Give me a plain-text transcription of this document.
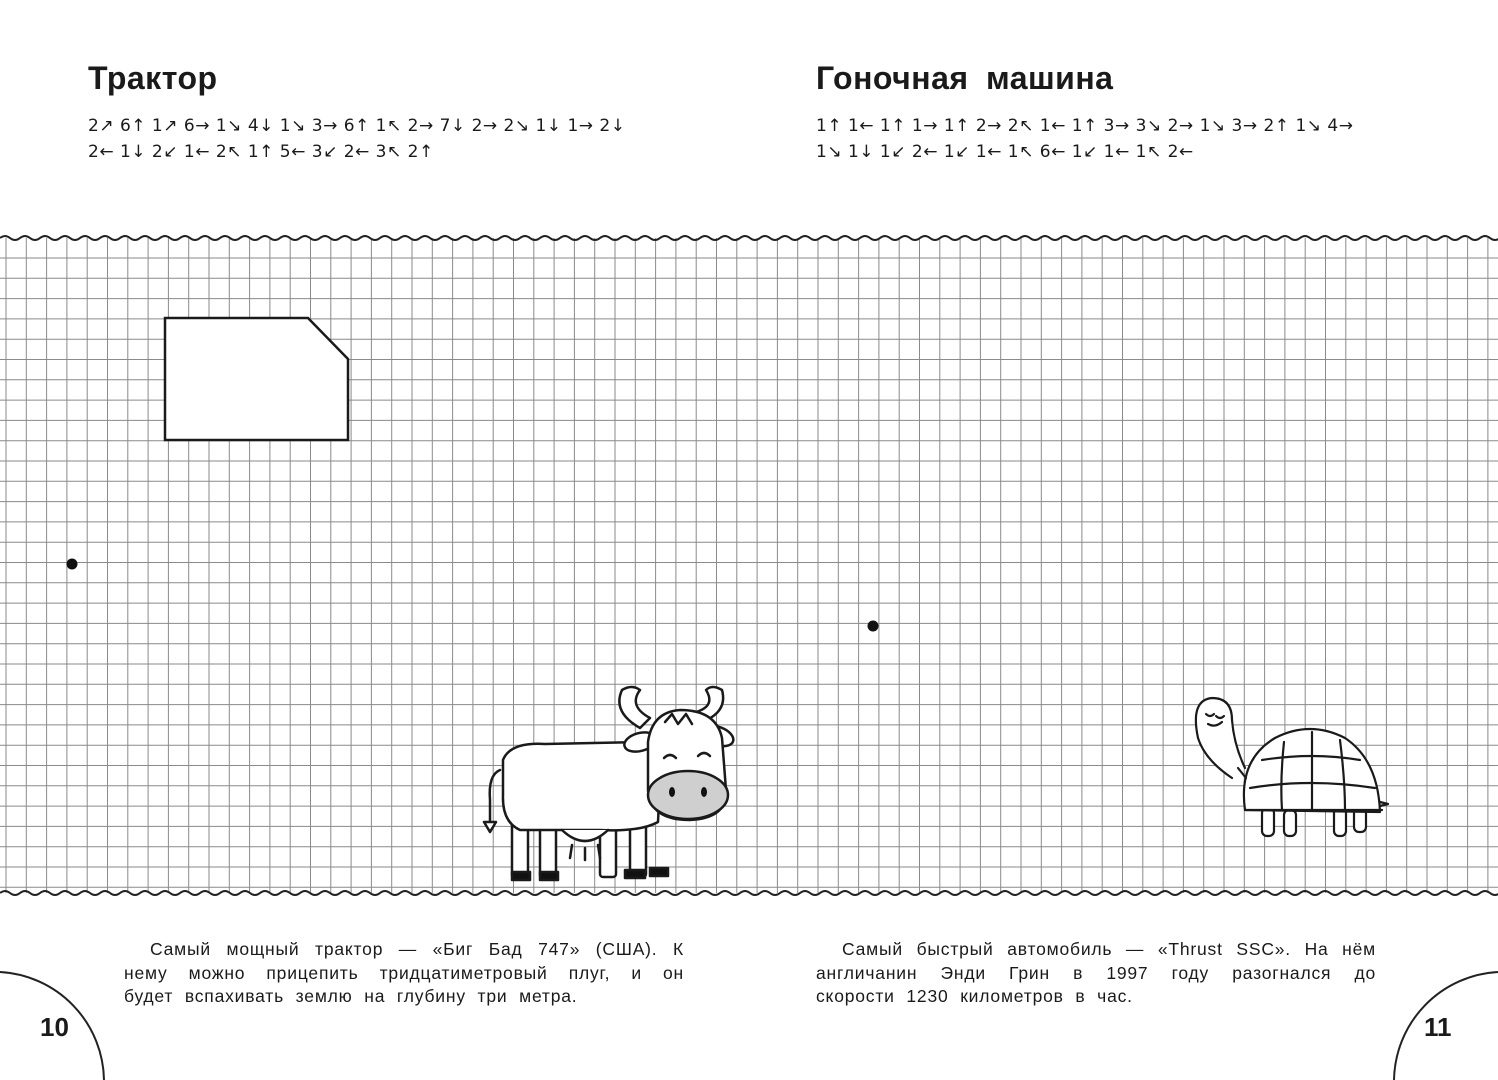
Трактор
2↗ 6↑ 1↗ 6→ 1↘ 4↓ 1↘ 3→ 6↑ 1↖ 2→ 7↓ 2→ 2↘ 1↓ 1→ 2↓
2← 1↓ 2↙ 1← 2↖ 1↑ 5← 3↙ 2← 3↖ 2↑
Гоночная машина
1↑ 1← 1↑ 1→ 1↑ 2→ 2↖ 1← 1↑ 3→ 3↘ 2→ 1↘ 3→ 2↑ 1↘ 4→
1↘ 1↓ 1↙ 2← 1↙ 1← 1↖ 6← 1↙ 1← 1↖ 2←

Самый мощный трактор — «Биг Бад 747» (США). К нему можно прицепить тридцатиметровый плуг, и он будет вспахивать землю на глубину три метра.

Самый быстрый автомобиль — «Thrust SSC». На нём англичанин Энди Грин в 1997 году разогнался до скорости 1230 километров в час.

10	11
